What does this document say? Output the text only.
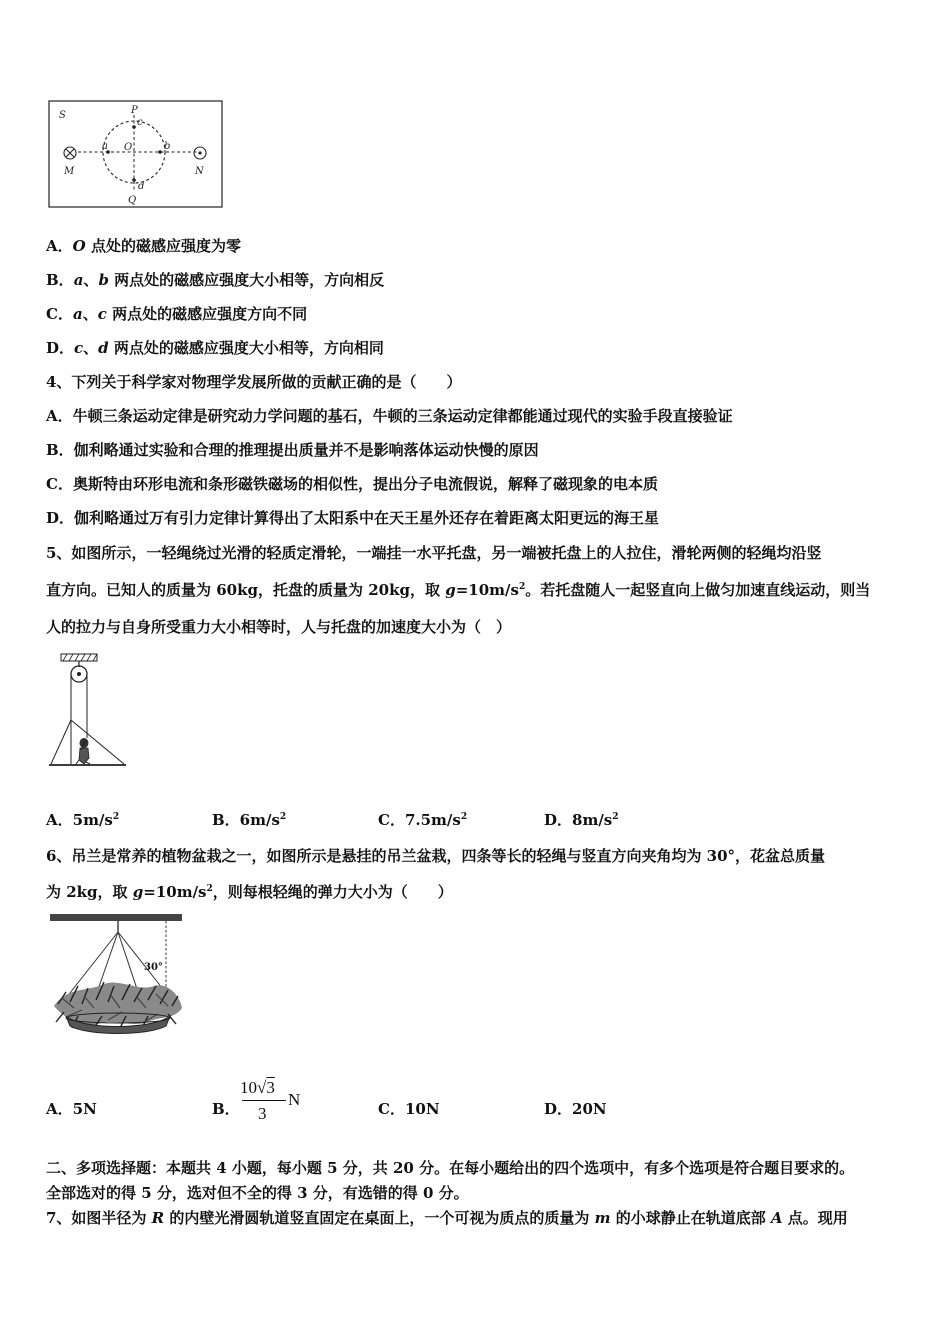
S	P
c
O
a	b
M	N
d
Q
A．O 点处的磁感应强度为零
B．a、b 两点处的磁感应强度大小相等，方向相反
C．a、c 两点处的磁感应强度方向不同
D．c、d 两点处的磁感应强度大小相等，方向相同
4、下列关于科学家对物理学发展所做的贡献正确的是（　　）
A．牛顿三条运动定律是研究动力学问题的基石，牛顿的三条运动定律都能通过现代的实验手段直接验证
B．伽利略通过实验和合理的推理提出质量并不是影响落体运动快慢的原因
C．奥斯特由环形电流和条形磁铁磁场的相似性，提出分子电流假说，解释了磁现象的电本质
D．伽利略通过万有引力定律计算得出了太阳系中在天王星外还存在着距离太阳更远的海王星
5、如图所示，一轻绳绕过光滑的轻质定滑轮，一端挂一水平托盘，另一端被托盘上的人拉住，滑轮两侧的轻绳均沿竖
直方向。已知人的质量为 60kg，托盘的质量为 20kg，取 $g=10m/s^2$。若托盘随人一起竖直向上做匀加速直线运动，则当
人的拉力与自身所受重力大小相等时，人与托盘的加速度大小为（　）
A．$5m/s^2$	B．$6m/s^2$	C．$7.5m/s^2$	D．$8m/s^2$
6、吊兰是常养的植物盆栽之一，如图所示是悬挂的吊兰盆栽，四条等长的轻绳与竖直方向夹角均为 30°，花盆总质量
为 2kg，取 $g=10m/s^2$，则每根轻绳的弹力大小为（　　）
30°
A．5N	B．
10√3
3
N	C．10N	D．20N
二、多项选择题：本题共 4 小题，每小题 5 分，共 20 分。在每小题给出的四个选项中，有多个选项是符合题目要求的。
全部选对的得 5 分，选对但不全的得 3 分，有选错的得 0 分。
7、如图半径为 R 的内壁光滑圆轨道竖直固定在桌面上，一个可视为质点的质量为 m 的小球静止在轨道底部 A 点。现用
